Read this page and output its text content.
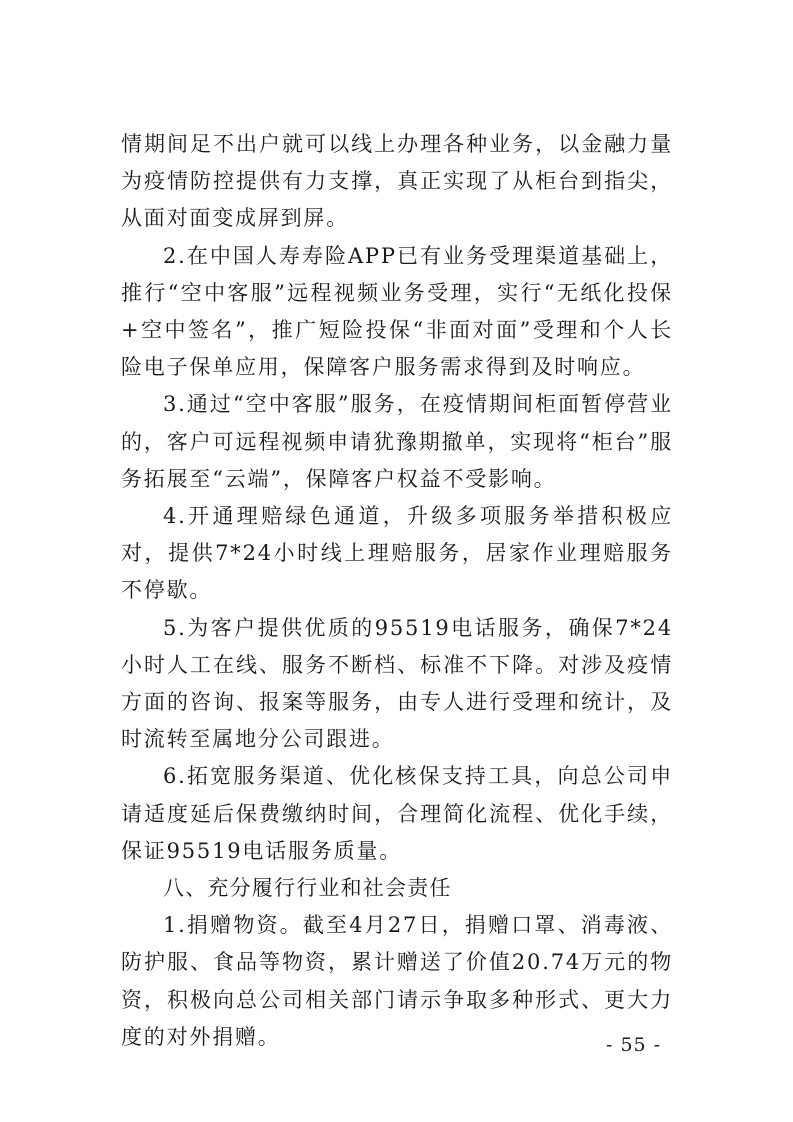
情期间足不出户就可以线上办理各种业务，以金融力量为疫情防控提供有力支撑，真正实现了从柜台到指尖，从面对面变成屏到屏。

2.在中国人寿寿险APP已有业务受理渠道基础上，推行“空中客服”远程视频业务受理，实行“无纸化投保+空中签名”，推广短险投保“非面对面”受理和个人长险电子保单应用，保障客户服务需求得到及时响应。

3.通过“空中客服”服务，在疫情期间柜面暂停营业的，客户可远程视频申请犹豫期撤单，实现将“柜台”服务拓展至“云端”，保障客户权益不受影响。

4.开通理赔绿色通道，升级多项服务举措积极应对，提供7*24小时线上理赔服务，居家作业理赔服务不停歇。

5.为客户提供优质的95519电话服务，确保7*24小时人工在线、服务不断档、标准不下降。对涉及疫情方面的咨询、报案等服务，由专人进行受理和统计，及时流转至属地分公司跟进。

6.拓宽服务渠道、优化核保支持工具，向总公司申请适度延后保费缴纳时间，合理简化流程、优化手续，保证95519电话服务质量。

八、充分履行行业和社会责任

1.捐赠物资。截至4月27日，捐赠口罩、消毒液、防护服、食品等物资，累计赠送了价值20.74万元的物资，积极向总公司相关部门请示争取多种形式、更大力度的对外捐赠。	- 55 -
